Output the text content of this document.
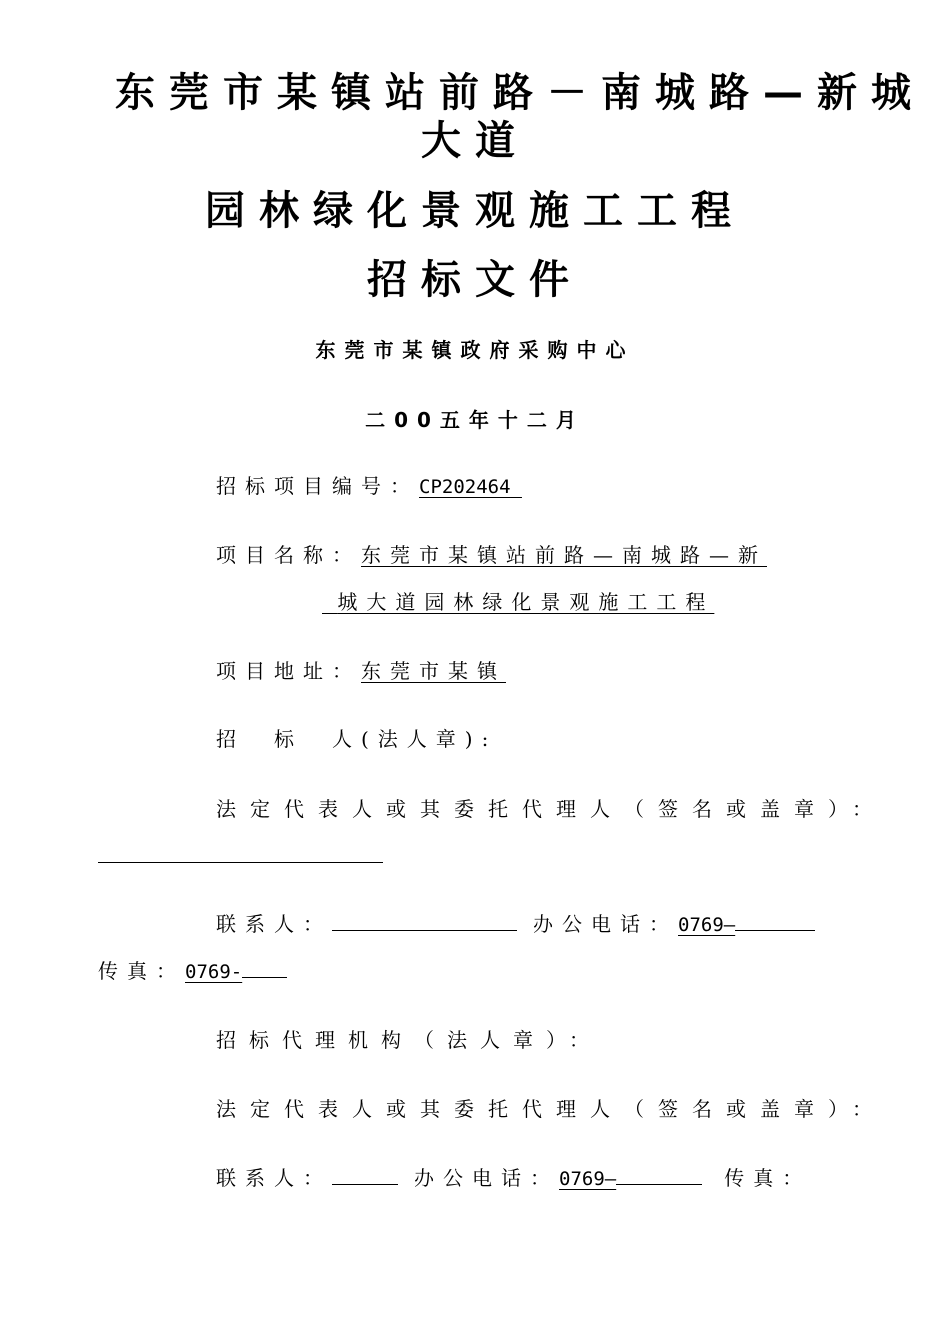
东莞市某镇站前路－南城路—新城
大道
园林绿化景观施工工程
招标文件
东莞市某镇政府采购中心
二00五年十二月
招标项目编号：CP202464
项目名称：东莞市某镇站前路—南城路—新
城大道园林绿化景观施工工程
项目地址：东莞市某镇
招　标　人(法人章):
法定代表人或其委托代理人（签名或盖章）：
联系人：	办公电话：0769—
传真：0769-
招标代理机构（法人章）：
法定代表人或其委托代理人（签名或盖章）：
联系人：	办公电话：0769—	传真：
